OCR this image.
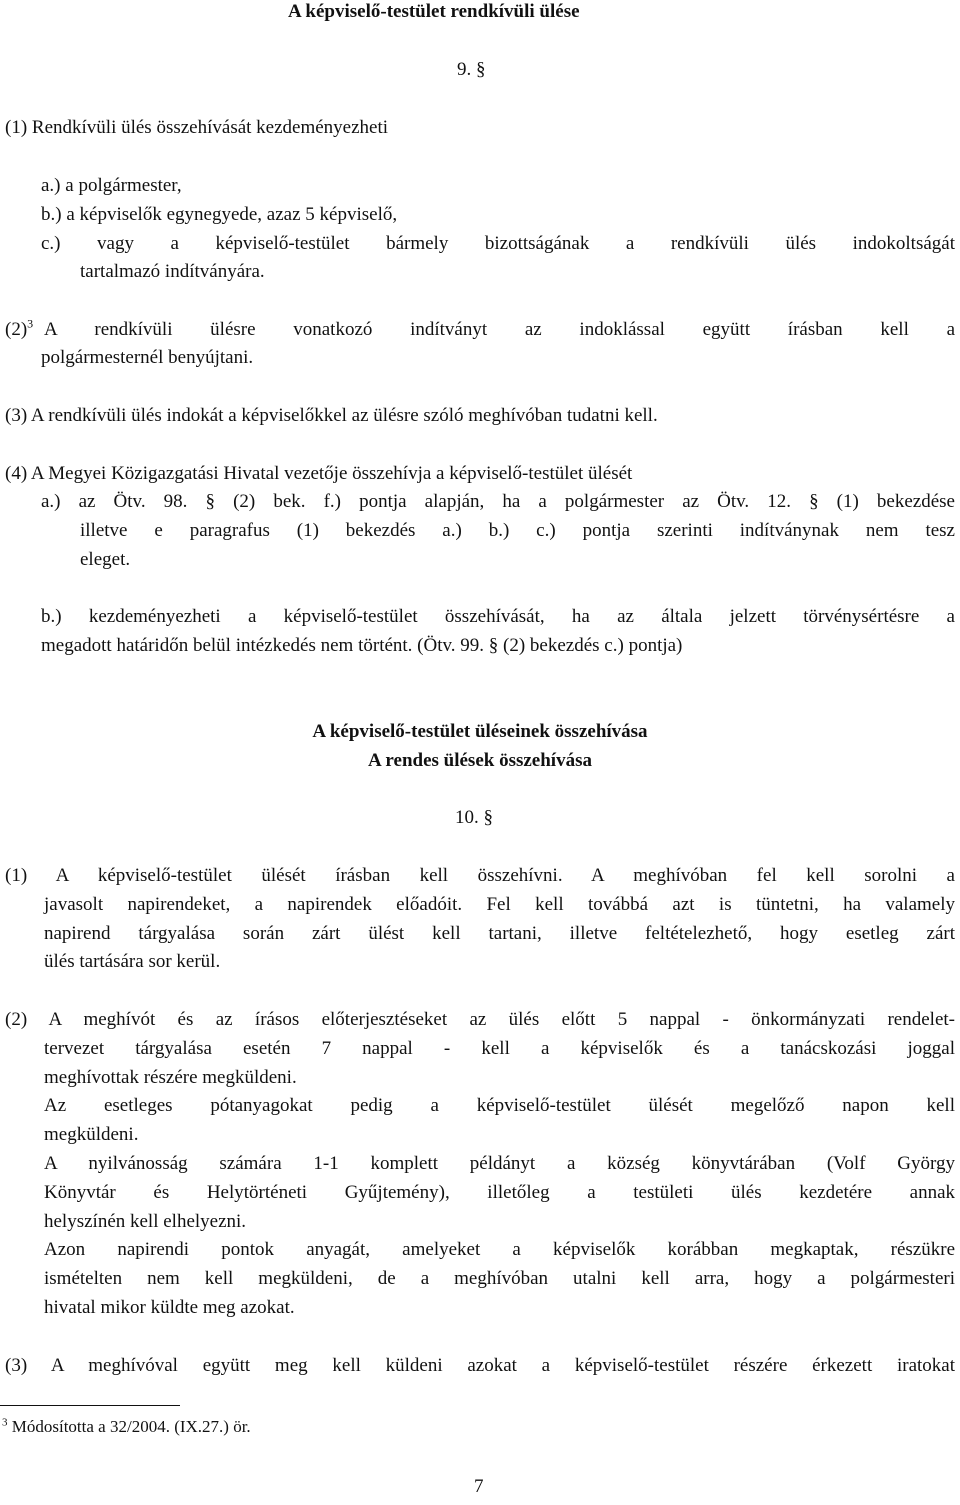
A képviselő-testület rendkívüli ülése
9. §
(1) Rendkívüli ülés összehívását kezdeményezheti
a.) a polgármester,
b.) a képviselők egynegyede, azaz 5 képviselő,
c.) vagy a képviselő-testület bármely bizottságának a rendkívüli ülés indokoltságát
tartalmazó indítványára.
$(2)^3$ A rendkívüli ülésre vonatkozó indítványt az indoklással együtt írásban kell a
polgármesternél benyújtani.
(3) A rendkívüli ülés indokát a képviselőkkel az ülésre szóló meghívóban tudatni kell.
(4) A Megyei Közigazgatási Hivatal vezetője összehívja a képviselő-testület ülését
a.) az Ötv. 98. § (2) bek. f.) pontja alapján, ha a polgármester az Ötv. 12. § (1) bekezdése
illetve e paragrafus (1) bekezdés a.) b.) c.) pontja szerinti indítványnak nem tesz
eleget.
b.) kezdeményezheti a képviselő-testület összehívását, ha az általa jelzett törvénysértésre a
megadott határidőn belül intézkedés nem történt. (Ötv. 99. § (2) bekezdés c.) pontja)
A képviselő-testület üléseinek összehívása
A rendes ülések összehívása
10. §
(1) A képviselő-testület ülését írásban kell összehívni. A meghívóban fel kell sorolni a
javasolt napirendeket, a napirendek előadóit. Fel kell továbbá azt is tüntetni, ha valamely
napirend tárgyalása során zárt ülést kell tartani, illetve feltételezhető, hogy esetleg zárt
ülés tartására sor kerül.
(2) A meghívót és az írásos előterjesztéseket az ülés előtt 5 nappal - önkormányzati rendelet-
tervezet tárgyalása esetén 7 nappal - kell a képviselők és a tanácskozási joggal
meghívottak részére megküldeni.
Az esetleges pótanyagokat pedig a képviselő-testület ülését megelőző napon kell
megküldeni.
A nyilvánosság számára 1-1 komplett példányt a község könyvtárában (Volf György
Könyvtár és Helytörténeti Gyűjtemény), illetőleg a testületi ülés kezdetére annak
helyszínén kell elhelyezni.
Azon napirendi pontok anyagát, amelyeket a képviselők korábban megkaptak, részükre
ismételten nem kell megküldeni, de a meghívóban utalni kell arra, hogy a polgármesteri
hivatal mikor küldte meg azokat.
(3) A meghívóval együtt meg kell küldeni azokat a képviselő-testület részére érkezett iratokat
$^3$ Módosította a 32/2004. (IX.27.) ör.
7
